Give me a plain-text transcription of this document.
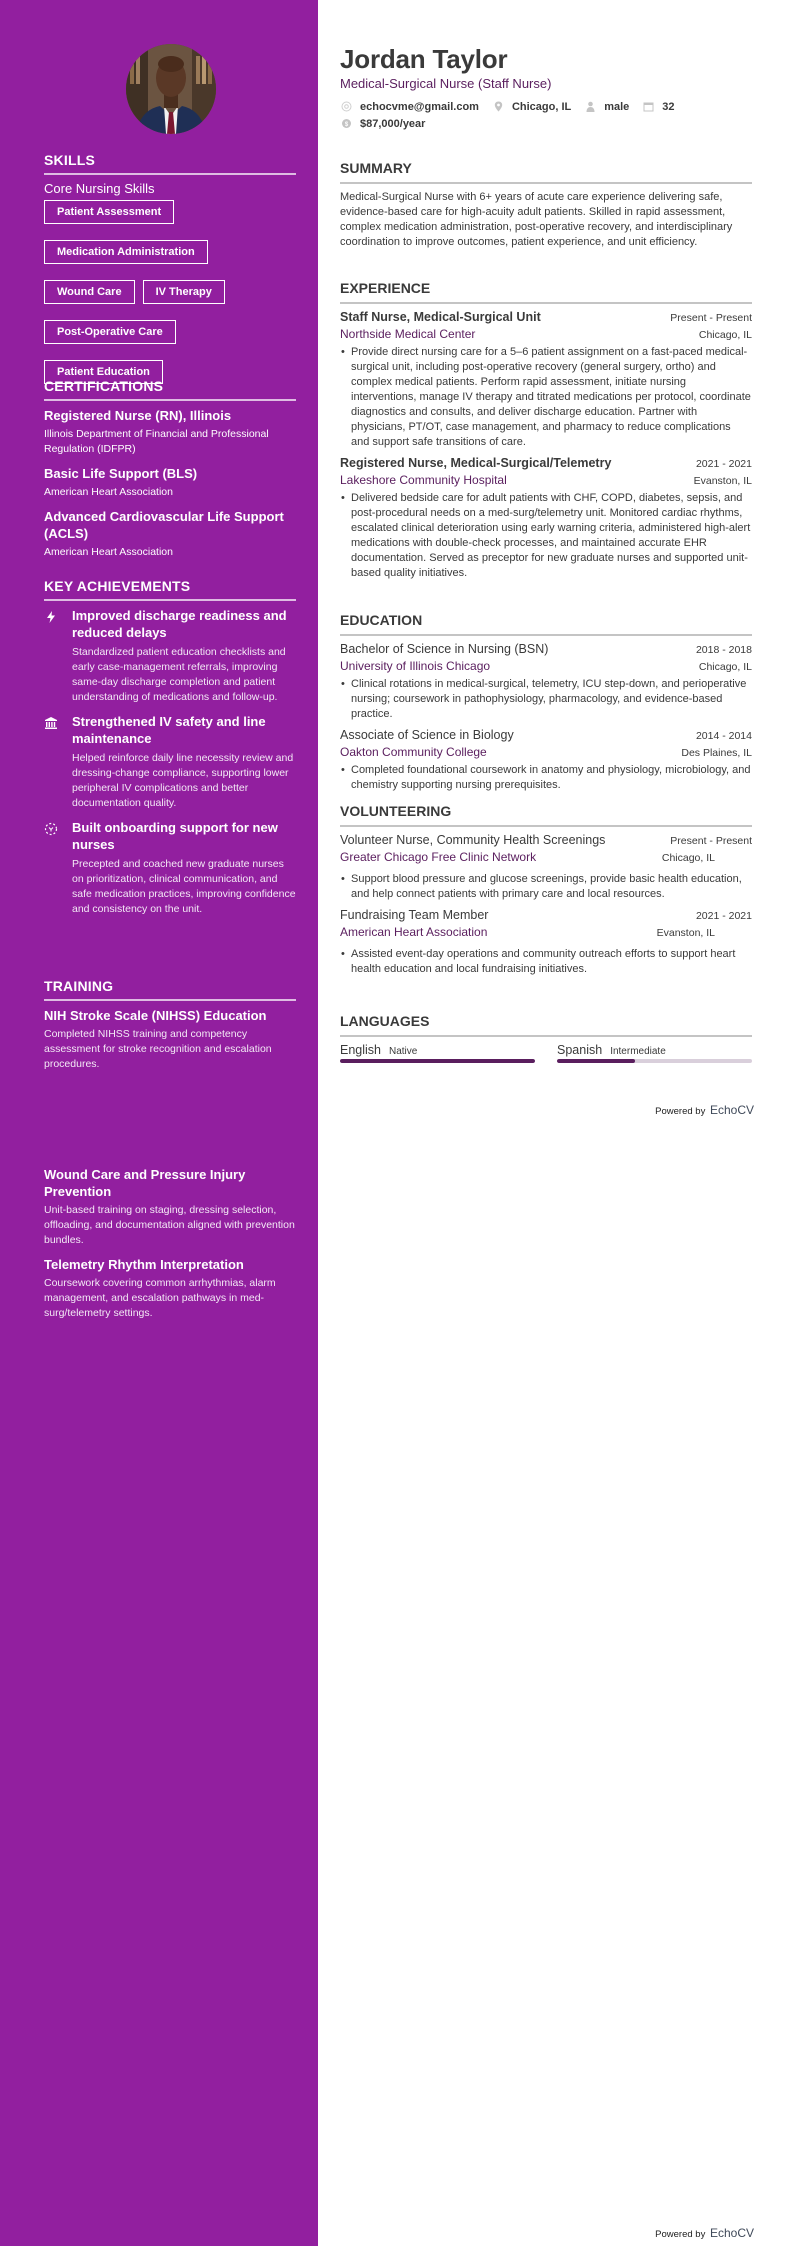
SKILLS
Core Nursing Skills
Patient Assessment
Medication Administration
Wound Care	IV Therapy
Post-Operative Care
Patient Education
CERTIFICATIONS
Registered Nurse (RN), Illinois
Illinois Department of Financial and Professional Regulation (IDFPR)
Basic Life Support (BLS)
American Heart Association
Advanced Cardiovascular Life Support (ACLS)
American Heart Association
KEY ACHIEVEMENTS
Improved discharge readiness and reduced delays
Standardized patient education checklists and early case-management referrals, improving same-day discharge completion and patient understanding of medications and follow-up.
Strengthened IV safety and line maintenance
Helped reinforce daily line necessity review and dressing-change compliance, supporting lower peripheral IV complications and better documentation quality.
Built onboarding support for new nurses
Precepted and coached new graduate nurses on prioritization, clinical communication, and safe medication practices, improving confidence and consistency on the unit.
TRAINING
NIH Stroke Scale (NIHSS) Education
Completed NIHSS training and competency assessment for stroke recognition and escalation procedures.
Wound Care and Pressure Injury Prevention
Unit-based training on staging, dressing selection, offloading, and documentation aligned with prevention bundles.
Telemetry Rhythm Interpretation
Coursework covering common arrhythmias, alarm management, and escalation pathways in med-surg/telemetry settings.
Jordan Taylor
Medical-Surgical Nurse (Staff Nurse)
echocvme@gmail.com	Chicago, IL	male	32
$ $87,000/year
SUMMARY

Medical-Surgical Nurse with 6+ years of acute care experience delivering safe, evidence-based care for high-acuity adult patients. Skilled in rapid assessment, complex medication administration, post-operative recovery, and interdisciplinary coordination to improve outcomes, patient experience, and unit efficiency.

EXPERIENCE
Staff Nurse, Medical-Surgical Unit	Present - Present
Northside Medical Center	Chicago, IL
• Provide direct nursing care for a 5–6 patient assignment on a fast-paced medical-surgical unit, including post-operative recovery (general surgery, ortho) and complex medical patients. Perform rapid assessment, initiate nursing interventions, manage IV therapy and titrated medications per protocol, coordinate diagnostics and consults, and deliver discharge education. Partner with physicians, PT/OT, case management, and pharmacy to reduce complications and support safe transitions of care.
Registered Nurse, Medical-Surgical/Telemetry	2021 - 2021
Lakeshore Community Hospital	Evanston, IL
• Delivered bedside care for adult patients with CHF, COPD, diabetes, sepsis, and post-procedural needs on a med-surg/telemetry unit. Monitored cardiac rhythms, escalated clinical deterioration using early warning criteria, administered high-alert medications with double-check processes, and maintained accurate EHR documentation. Served as preceptor for new graduate nurses and supported unit-based quality initiatives.
EDUCATION
Bachelor of Science in Nursing (BSN)	2018 - 2018
University of Illinois Chicago	Chicago, IL
• Clinical rotations in medical-surgical, telemetry, ICU step-down, and perioperative nursing; coursework in pathophysiology, pharmacology, and evidence-based practice.
Associate of Science in Biology	2014 - 2014
Oakton Community College	Des Plaines, IL
• Completed foundational coursework in anatomy and physiology, microbiology, and chemistry supporting nursing prerequisites.
VOLUNTEERING
Volunteer Nurse, Community Health Screenings	Present - Present
Greater Chicago Free Clinic Network	Chicago, IL
• Support blood pressure and glucose screenings, provide basic health education, and help connect patients with primary care and local resources.
Fundraising Team Member	2021 - 2021
American Heart Association	Evanston, IL
• Assisted event-day operations and community outreach efforts to support heart health education and local fundraising initiatives.
LANGUAGES
English Native	Spanish Intermediate
Powered by EchoCV
Powered by EchoCV
